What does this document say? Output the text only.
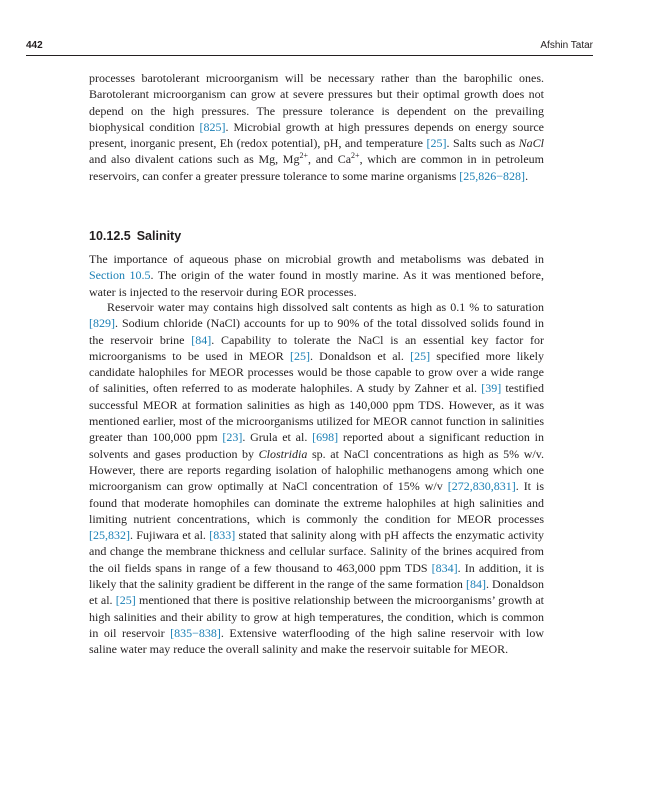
442	Afshin Tatar

processes barotolerant microorganism will be necessary rather than the barophilic ones. Barotolerant microorganism can grow at severe pressures but their optimal growth does not depend on the high pressures. The pressure tolerance is dependent on the prevailing biophysical condition [825]. Microbial growth at high pressures depends on energy source present, inorganic present, Eh (redox potential), pH, and temperature [25]. Salts such as NaCl and also divalent cations such as Mg, $Mg^{2+}$, and $Ca^{2+}$, which are common in in petroleum reservoirs, can confer a greater pressure tolerance to some marine organisms [25,826−828].

10.12.5 Salinity

The importance of aqueous phase on microbial growth and metabolisms was debated in Section 10.5. The origin of the water found in mostly marine. As it was mentioned before, water is injected to the reservoir during EOR processes.

Reservoir water may contains high dissolved salt contents as high as 0.1 % to saturation [829]. Sodium chloride (NaCl) accounts for up to 90% of the total dissolved solids found in the reservoir brine [84]. Capability to tolerate the NaCl is an essential key factor for microorganisms to be used in MEOR [25]. Donaldson et al. [25] specified more likely candidate halophiles for MEOR processes would be those capable to grow over a wide range of salinities, often referred to as moderate halophiles. A study by Zahner et al. [39] testified successful MEOR at formation salinities as high as 140,000 ppm TDS. However, as it was mentioned earlier, most of the microorganisms utilized for MEOR cannot function in salinities greater than 100,000 ppm [23]. Grula et al. [698] reported about a significant reduction in solvents and gases production by Clostridia sp. at NaCl concentrations as high as 5% w/v. However, there are reports regarding isolation of halophilic methanogens among which one microorganism can grow optimally at NaCl concentration of 15% w/v [272,830,831]. It is found that moderate homophiles can dominate the extreme halophiles at high salinities and limiting nutrient concentrations, which is commonly the condition for MEOR processes [25,832]. Fujiwara et al. [833] stated that salinity along with pH affects the enzymatic activity and change the membrane thickness and cellular surface. Salinity of the brines acquired from the oil fields spans in range of a few thousand to 463,000 ppm TDS [834]. In addition, it is likely that the salinity gradient be different in the range of the same formation [84]. Donaldson et al. [25] mentioned that there is positive relationship between the microorganisms’ growth at high salinities and their ability to grow at high temperatures, the condition, which is common in oil reservoir [835−838]. Extensive waterflooding of the high saline reservoir with low saline water may reduce the overall salinity and make the reservoir suitable for MEOR.
